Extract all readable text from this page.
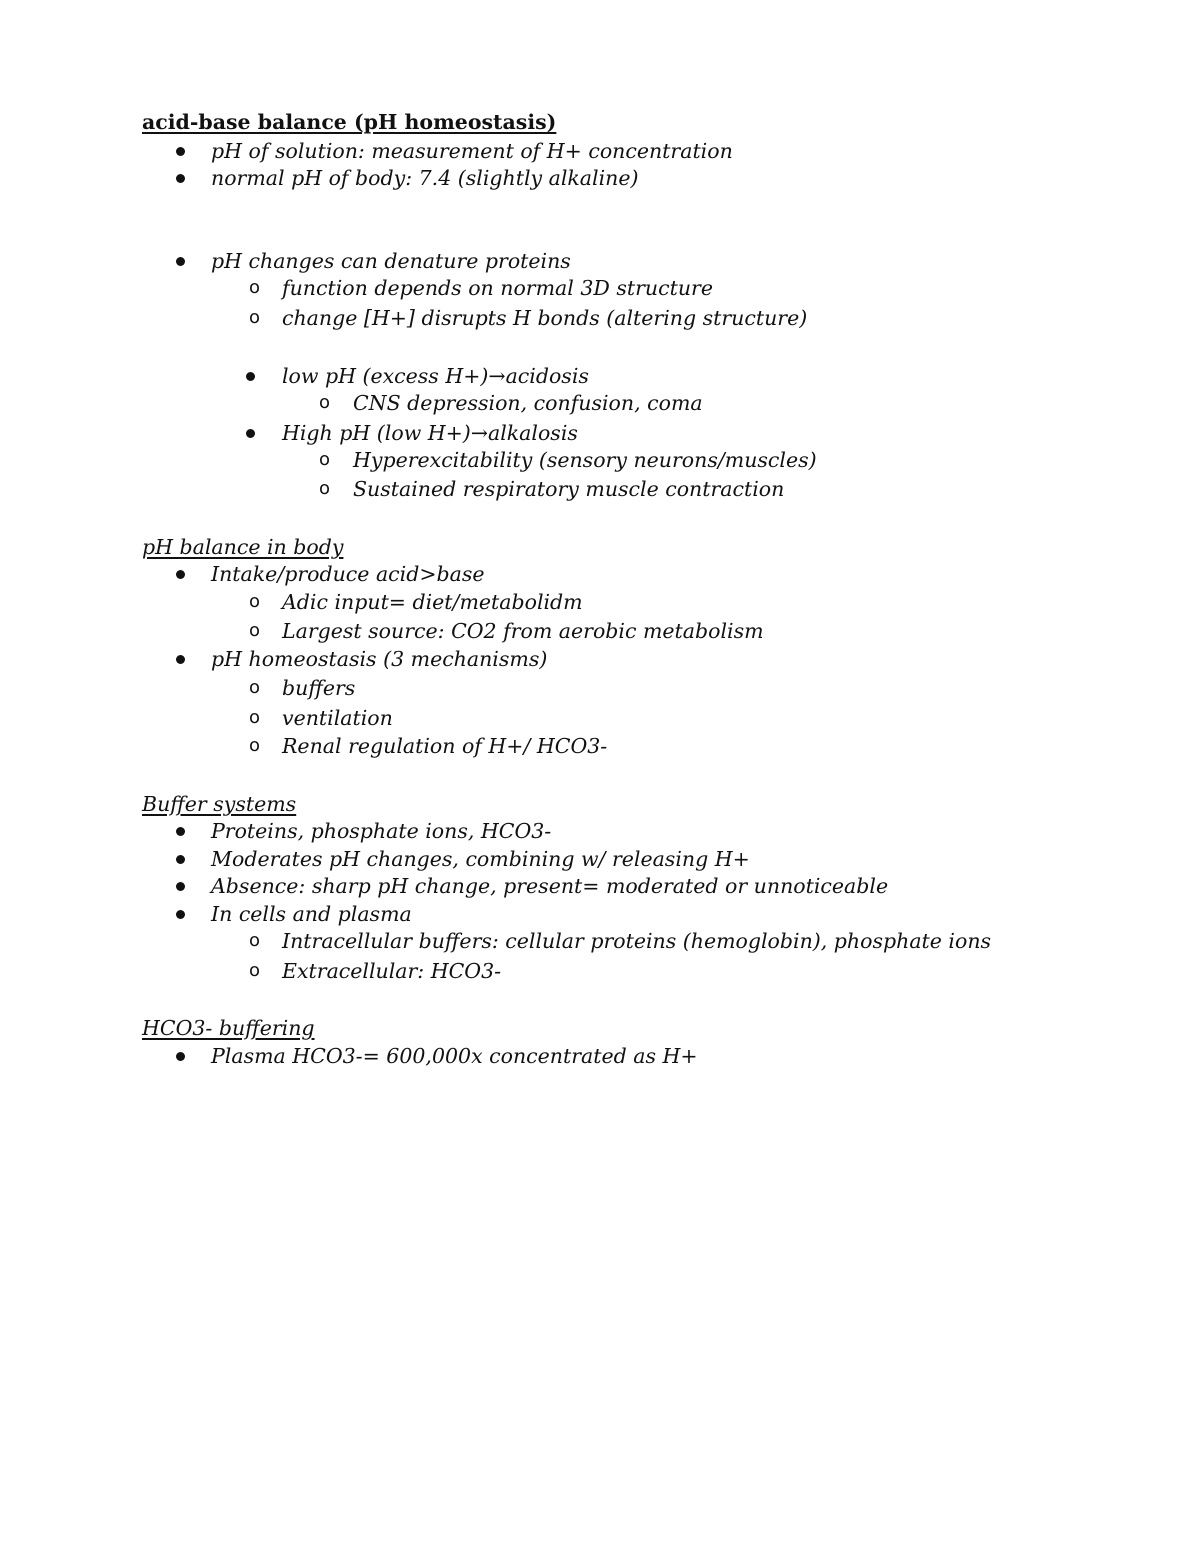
acid-base balance (pH homeostasis)
pH of solution: measurement of H+ concentration
normal pH of body: 7.4 (slightly alkaline)
pH changes can denature proteins
o function depends on normal 3D structure
o change [H+] disrupts H bonds (altering structure)
low pH (excess H+)→acidosis
o CNS depression, confusion, coma
High pH (low H+)→alkalosis
o Hyperexcitability (sensory neurons/muscles)
o Sustained respiratory muscle contraction
pH balance in body
Intake/produce acid>base
o Adic input= diet/metabolidm
o Largest source: CO2 from aerobic metabolism
pH homeostasis (3 mechanisms)
o buffers
o ventilation
o Renal regulation of H+/ HCO3-
Buffer systems
Proteins, phosphate ions, HCO3-
Moderates pH changes, combining w/ releasing H+
Absence: sharp pH change, present= moderated or unnoticeable
In cells and plasma
o Intracellular buffers: cellular proteins (hemoglobin), phosphate ions
o Extracellular: HCO3-
HCO3- buffering
Plasma HCO3-= 600,000x concentrated as H+
